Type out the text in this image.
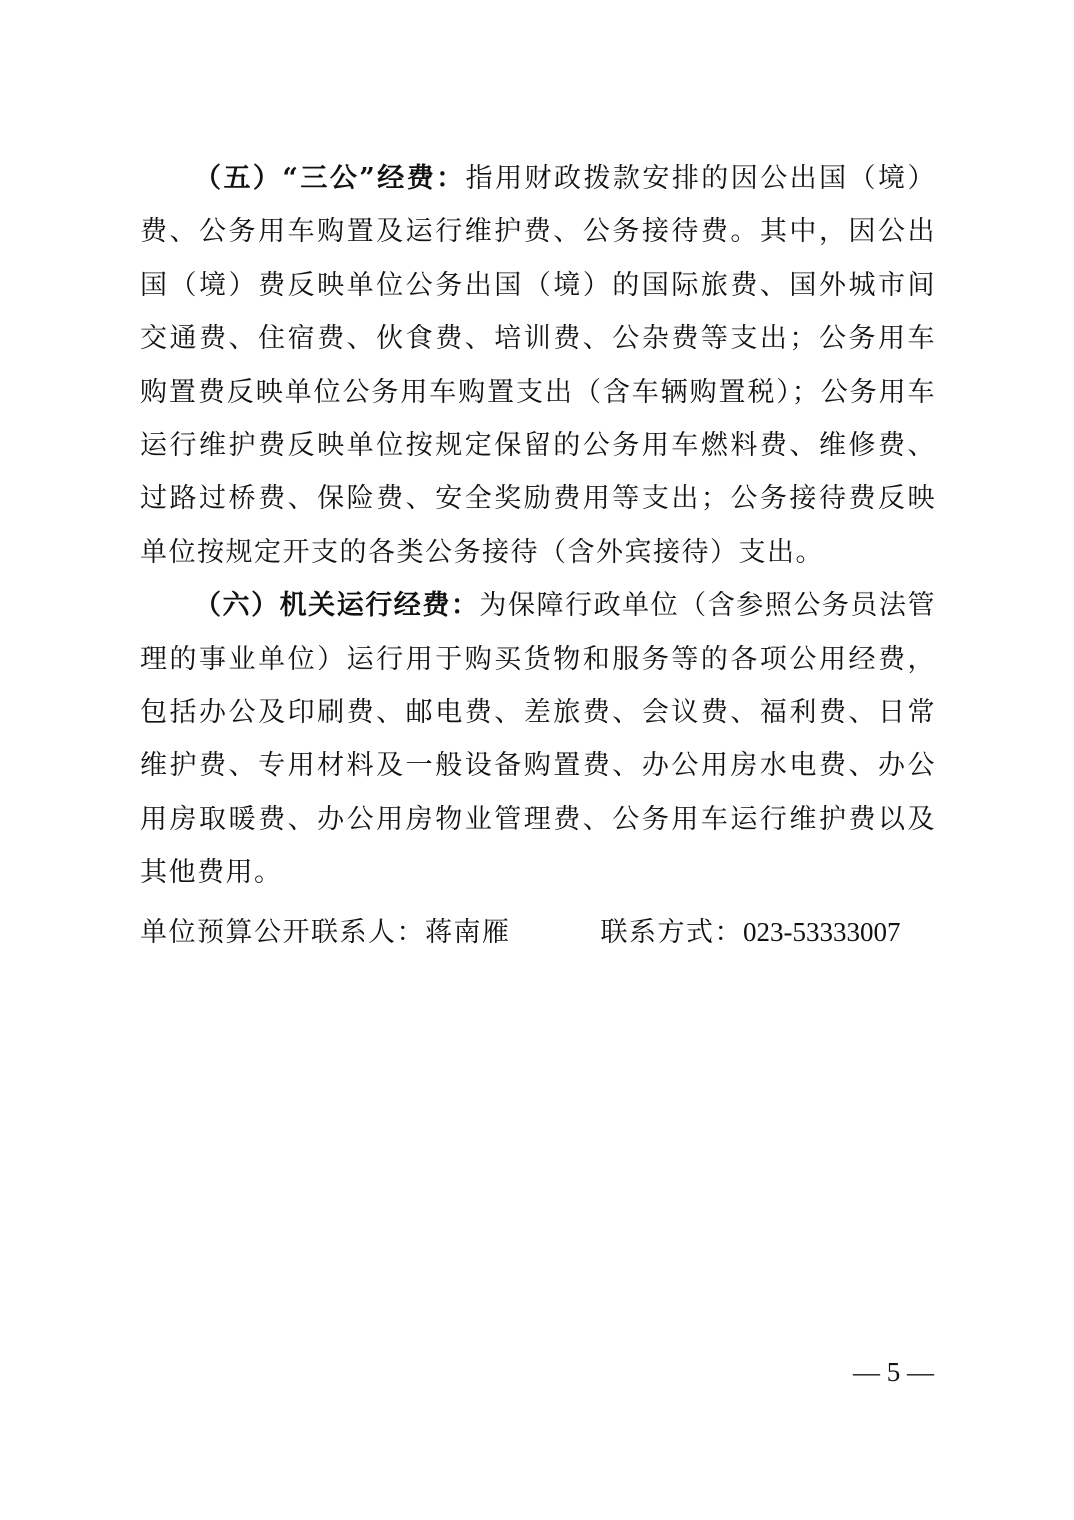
（五）“三公”经费：指用财政拨款安排的因公出国（境）费、公务用车购置及运行维护费、公务接待费。其中，因公出国（境）费反映单位公务出国（境）的国际旅费、国外城市间交通费、住宿费、伙食费、培训费、公杂费等支出；公务用车购置费反映单位公务用车购置支出（含车辆购置税）；公务用车运行维护费反映单位按规定保留的公务用车燃料费、维修费、过路过桥费、保险费、安全奖励费用等支出；公务接待费反映单位按规定开支的各类公务接待（含外宾接待）支出。

（六）机关运行经费：为保障行政单位（含参照公务员法管理的事业单位）运行用于购买货物和服务等的各项公用经费，包括办公及印刷费、邮电费、差旅费、会议费、福利费、日常维护费、专用材料及一般设备购置费、办公用房水电费、办公用房取暖费、办公用房物业管理费、公务用车运行维护费以及其他费用。

单位预算公开联系人：蒋南雁	联系方式：023-53333007
— 5 —
